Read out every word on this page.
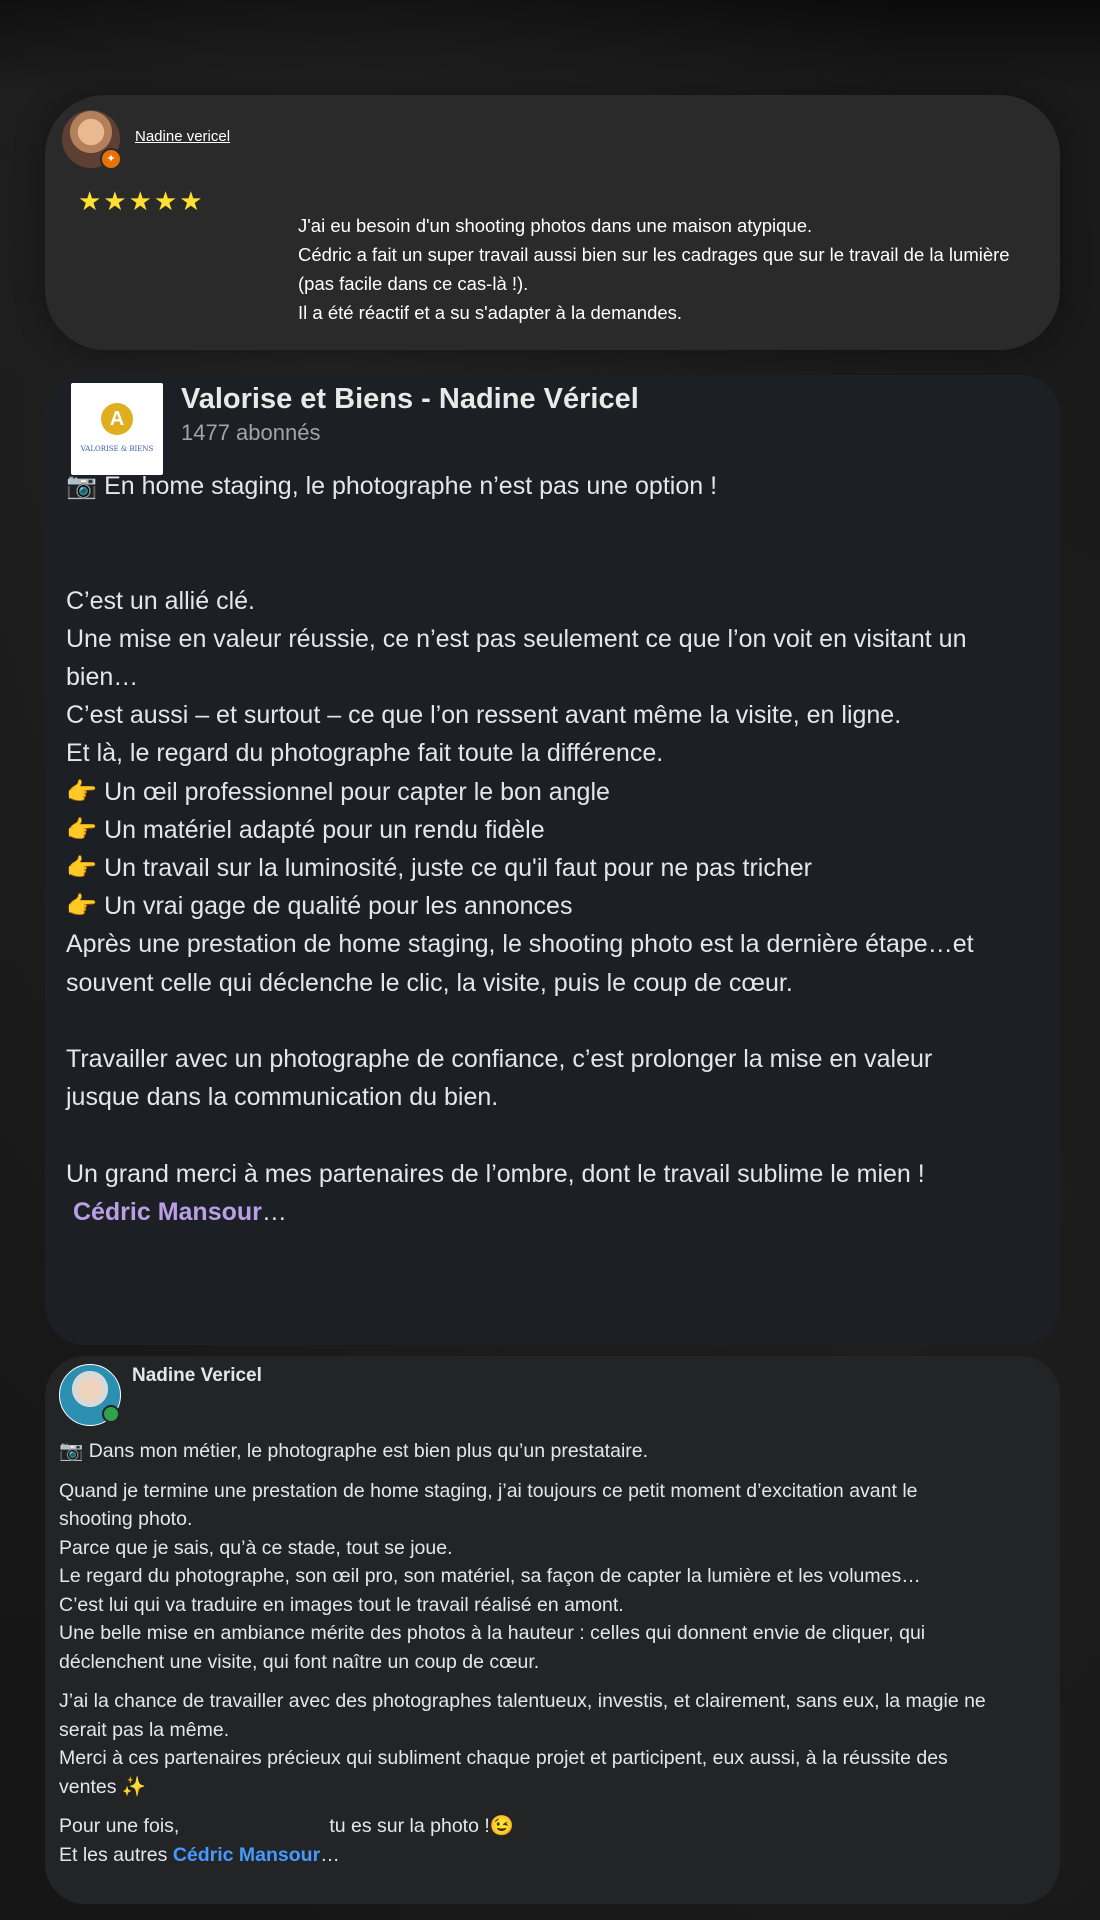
✦
Nadine vericel
★★★★★
J'ai eu besoin d'un shooting photos dans une maison atypique.
Cédric a fait un super travail aussi bien sur les cadrages que sur le travail de la lumière
(pas facile dans ce cas-là !).
Il a été réactif et a su s'adapter à la demandes.
A
VALORISE & BIENS
Valorise et Biens - Nadine Véricel
1477 abonnés
📷 En home staging, le photographe n’est pas une option !
C’est un allié clé.
Une mise en valeur réussie, ce n’est pas seulement ce que l’on voit en visitant un
bien…
C’est aussi – et surtout – ce que l’on ressent avant même la visite, en ligne.
Et là, le regard du photographe fait toute la différence.
👉 Un œil professionnel pour capter le bon angle
👉 Un matériel adapté pour un rendu fidèle
👉 Un travail sur la luminosité, juste ce qu'il faut pour ne pas tricher
👉 Un vrai gage de qualité pour les annonces
Après une prestation de home staging, le shooting photo est la dernière étape…et
souvent celle qui déclenche le clic, la visite, puis le coup de cœur.
Travailler avec un photographe de confiance, c’est prolonger la mise en valeur
jusque dans la communication du bien.
Un grand merci à mes partenaires de l’ombre, dont le travail sublime le mien !
Cédric Mansour…
Nadine Vericel
📷 Dans mon métier, le photographe est bien plus qu’un prestataire.
Quand je termine une prestation de home staging, j’ai toujours ce petit moment d’excitation avant le
shooting photo.
Parce que je sais, qu’à ce stade, tout se joue.
Le regard du photographe, son œil pro, son matériel, sa façon de capter la lumière et les volumes…
C’est lui qui va traduire en images tout le travail réalisé en amont.
Une belle mise en ambiance mérite des photos à la hauteur : celles qui donnent envie de cliquer, qui
déclenchent une visite, qui font naître un coup de cœur.
J’ai la chance de travailler avec des photographes talentueux, investis, et clairement, sans eux, la magie ne
serait pas la même.
Merci à ces partenaires précieux qui subliment chaque projet et participent, eux aussi, à la réussite des
ventes ✨
Pour une fois,	tu es sur la photo !😉
Et les autres Cédric Mansour…
